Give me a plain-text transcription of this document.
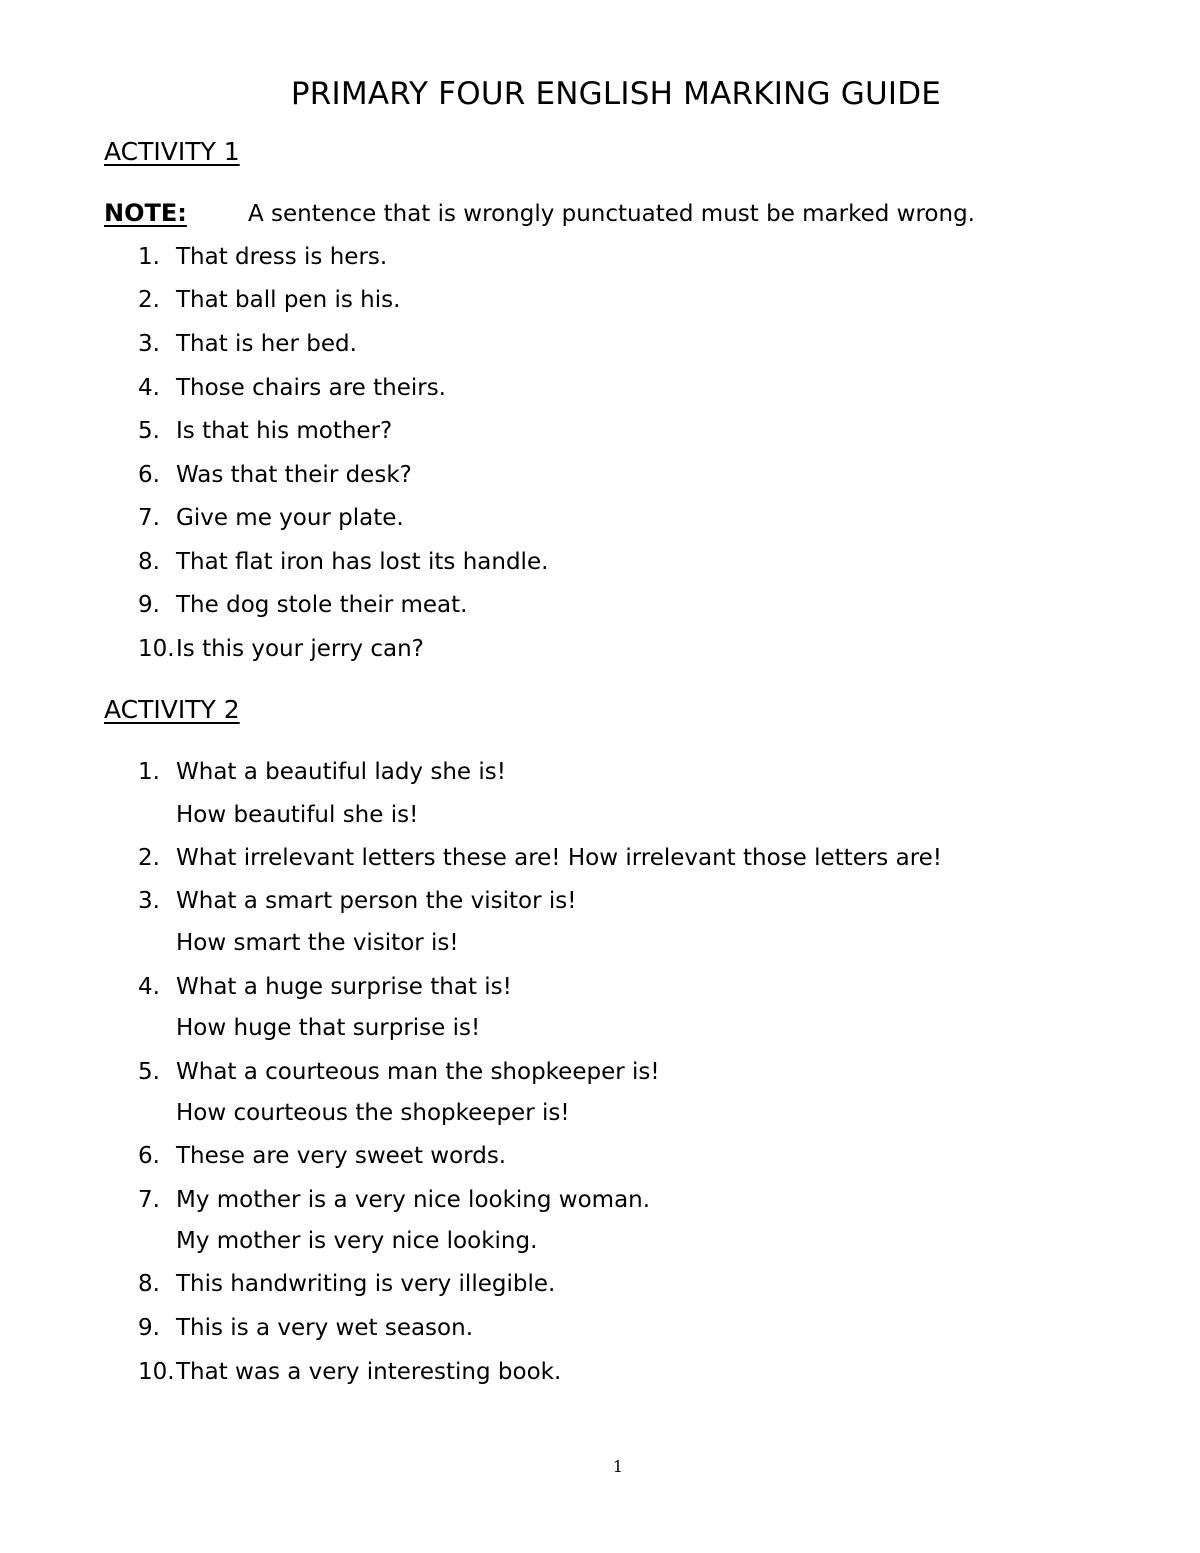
PRIMARY FOUR ENGLISH MARKING GUIDE
ACTIVITY 1
NOTE:	A sentence that is wrongly punctuated must be marked wrong.
1. That dress is hers.
2. That ball pen is his.
3. That is her bed.
4. Those chairs are theirs.
5. Is that his mother?
6. Was that their desk?
7. Give me your plate.
8. That flat iron has lost its handle.
9. The dog stole their meat.
10.Is this your jerry can?
ACTIVITY 2
1. What a beautiful lady she is!
How beautiful she is!
2. What irrelevant letters these are! How irrelevant those letters are!
3. What a smart person the visitor is!
How smart the visitor is!
4. What a huge surprise that is!
How huge that surprise is!
5. What a courteous man the shopkeeper is!
How courteous the shopkeeper is!
6. These are very sweet words.
7. My mother is a very nice looking woman.
My mother is very nice looking.
8. This handwriting is very illegible.
9. This is a very wet season.
10.That was a very interesting book.
1
